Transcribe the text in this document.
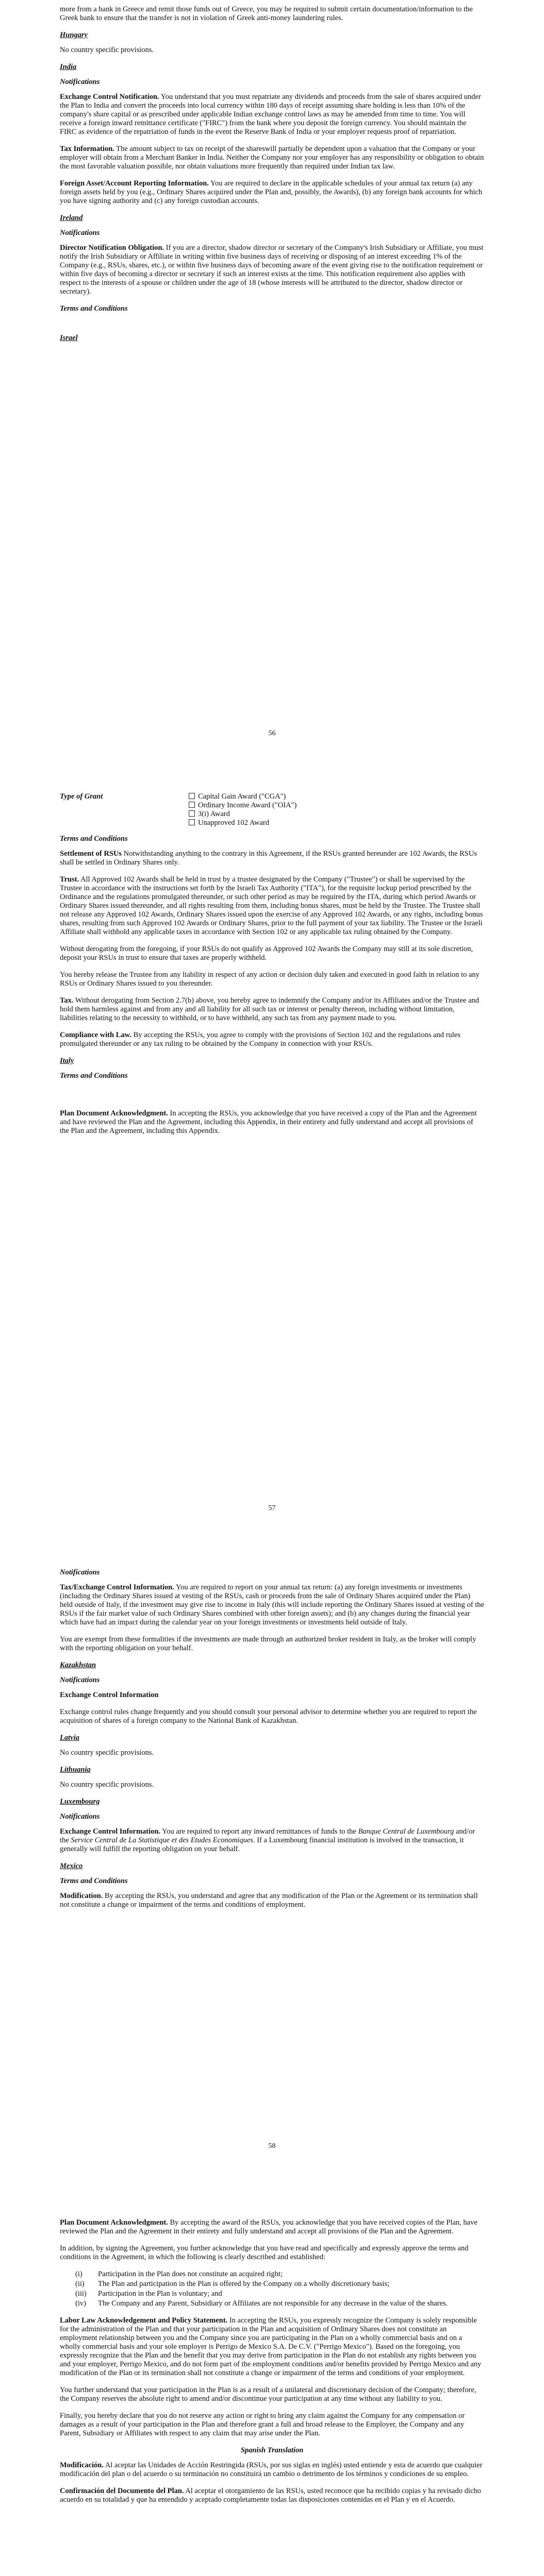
more from a bank in Greece and remit those funds out of Greece, you may be required to submit certain documentation/information to the Greek bank to ensure that the transfer is not in violation of Greek anti-money laundering rules.

Hungary

No country specific provisions.

India
Notifications

Exchange Control Notification. You understand that you must repatriate any dividends and proceeds from the sale of shares acquired under the Plan to India and convert the proceeds into local currency within 180 days of receipt assuming share holding is less than 10% of the company's share capital or as prescribed under applicable Indian exchange control laws as may be amended from time to time. You will receive a foreign inward remittance certificate ("FIRC") from the bank where you deposit the foreign currency. You should maintain the FIRC as evidence of the repatriation of funds in the event the Reserve Bank of India or your employer requests proof of repatriation.

Tax Information. The amount subject to tax on receipt of the shareswill partially be dependent upon a valuation that the Company or your employer will obtain from a Merchant Banker in India. Neither the Company nor your employer has any responsibility or obligation to obtain the most favorable valuation possible, nor obtain valuations more frequently than required under Indian tax law.

Foreign Asset/Account Reporting Information. You are required to declare in the applicable schedules of your annual tax return (a) any foreign assets held by you (e.g., Ordinary Shares acquired under the Plan and, possibly, the Awards), (b) any foreign bank accounts for which you have signing authority and (c) any foreign custodian accounts.

Ireland
Notifications

Director Notification Obligation. If you are a director, shadow director or secretary of the Company's Irish Subsidiary or Affiliate, you must notify the Irish Subsidiary or Affiliate in writing within five business days of receiving or disposing of an interest exceeding 1% of the Company (e.g., RSUs, shares, etc.), or within five business days of becoming aware of the event giving rise to the notification requirement or within five days of becoming a director or secretary if such an interest exists at the time. This notification requirement also applies with respect to the interests of a spouse or children under the age of 18 (whose interests will be attributed to the director, shadow director or secretary).

Terms and Conditions
Israel
56
Type of Grant	Capital Gain Award ("CGA")
Ordinary Income Award ("OIA")
3(i) Award
Unapproved 102 Award
Terms and Conditions

Settlement of RSUs Notwithstanding anything to the contrary in this Agreement, if the RSUs granted hereunder are 102 Awards, the RSUs shall be settled in Ordinary Shares only.

Trust. All Approved 102 Awards shall be held in trust by a trustee designated by the Company ("Trustee") or shall be supervised by the Trustee in accordance with the instructions set forth by the Israeli Tax Authority ("ITA"), for the requisite lockup period prescribed by the Ordinance and the regulations promulgated thereunder, or such other period as may be required by the ITA, during which period Awards or Ordinary Shares issued thereunder, and all rights resulting from them, including bonus shares, must be held by the Trustee. The Trustee shall not release any Approved 102 Awards, Ordinary Shares issued upon the exercise of any Approved 102 Awards, or any rights, including bonus shares, resulting from such Approved 102 Awards or Ordinary Shares, prior to the full payment of your tax liability. The Trustee or the Israeli Affiliate shall withhold any applicable taxes in accordance with Section 102 or any applicable tax ruling obtained by the Company.

Without derogating from the foregoing, if your RSUs do not qualify as Approved 102 Awards the Company may still at its sole discretion, deposit your RSUs in trust to ensure that taxes are properly withheld.

You hereby release the Trustee from any liability in respect of any action or decision duly taken and executed in good faith in relation to any RSUs or Ordinary Shares issued to you thereunder.

Tax. Without derogating from Section 2.7(b) above, you hereby agree to indemnify the Company and/or its Affiliates and/or the Trustee and hold them harmless against and from any and all liability for all such tax or interest or penalty thereon, including without limitation, liabilities relating to the necessity to withhold, or to have withheld, any such tax from any payment made to you.

Compliance with Law. By accepting the RSUs, you agree to comply with the provisions of Section 102 and the regulations and rules promulgated thereunder or any tax ruling to be obtained by the Company in connection with your RSUs.

Italy
Terms and Conditions

Plan Document Acknowledgment. In accepting the RSUs, you acknowledge that you have received a copy of the Plan and the Agreement and have reviewed the Plan and the Agreement, including this Appendix, in their entirety and fully understand and accept all provisions of the Plan and the Agreement, including this Appendix.

57
Notifications

Tax/Exchange Control Information. You are required to report on your annual tax return: (a) any foreign investments or investments (including the Ordinary Shares issued at vesting of the RSUs, cash or proceeds from the sale of Ordinary Shares acquired under the Plan) held outside of Italy, if the investment may give rise to income in Italy (this will include reporting the Ordinary Shares issued at vesting of the RSUs if the fair market value of such Ordinary Shares combined with other foreign assets); and (b) any changes during the financial year which have had an impact during the calendar year on your foreign investments or investments held outside of Italy.

You are exempt from these formalities if the investments are made through an authorized broker resident in Italy, as the broker will comply with the reporting obligation on your behalf.

Kazakhstan
Notifications

Exchange Control Information

Exchange control rules change frequently and you should consult your personal advisor to determine whether you are required to report the acquisition of shares of a foreign company to the National Bank of Kazakhstan.

Latvia

No country specific provisions.

Lithuania

No country specific provisions.

Luxembourg
Notifications

Exchange Control Information. You are required to report any inward remittances of funds to the Banque Central de Luxembourg and/or the Service Central de La Statistique et des Etudes Economiques. If a Luxembourg financial institution is involved in the transaction, it generally will fulfill the reporting obligation on your behalf.

Mexico
Terms and Conditions

Modification. By accepting the RSUs, you understand and agree that any modification of the Plan or the Agreement or its termination shall not constitute a change or impairment of the terms and conditions of employment.

58

Plan Document Acknowledgment. By accepting the award of the RSUs, you acknowledge that you have received copies of the Plan, have reviewed the Plan and the Agreement in their entirety and fully understand and accept all provisions of the Plan and the Agreement.

In addition, by signing the Agreement, you further acknowledge that you have read and specifically and expressly approve the terms and conditions in the Agreement, in which the following is clearly described and established:

(i)	Participation in the Plan does not constitute an acquired right;
(ii)	The Plan and participation in the Plan is offered by the Company on a wholly discretionary basis;
(iii)	Participation in the Plan is voluntary; and
(iv)	The Company and any Parent, Subsidiary or Affiliates are not responsible for any decrease in the value of the shares.

Labor Law Acknowledgement and Policy Statement. In accepting the RSUs, you expressly recognize the Company is solely responsible for the administration of the Plan and that your participation in the Plan and acquisition of Ordinary Shares does not constitute an employment relationship between you and the Company since you are participating in the Plan on a wholly commercial basis and on a wholly commercial basis and your sole employer is Perrigo de Mexico S.A. De C.V. ("Perrigo Mexico"). Based on the foregoing, you expressly recognize that the Plan and the benefit that you may derive from participation in the Plan do not establish any rights between you and your employer, Perrigo Mexico, and do not form part of the employment conditions and/or benefits provided by Perrigo Mexico and any modification of the Plan or its termination shall not constitute a change or impairment of the terms and conditions of your employment.

You further understand that your participation in the Plan is as a result of a unilateral and discretionary decision of the Company; therefore, the Company reserves the absolute right to amend and/or discontinue your participation at any time without any liability to you.

Finally, you hereby declare that you do not reserve any action or right to bring any claim against the Company for any compensation or damages as a result of your participation in the Plan and therefore grant a full and broad release to the Employer, the Company and any Parent, Subsidiary or Affiliates with respect to any claim that may arise under the Plan.

Spanish Translation

Modificación. Al aceptar las Unidades de Acción Restringida (RSUs, por sus siglas en inglés) usted entiende y esta de acuerdo que cualquier modificación del plan o del acuerdo o su terminación no constituirá un cambio o detrimento de los términos y condiciones de su empleo.

Confirmación del Documento del Plan. Al aceptar el otorgamiento de las RSUs, usted reconoce que ha recibido copias y ha revisado dicho acuerdo en su totalidad y que ha entendido y aceptado completamente todas las disposiciones contenidas en el Plan y en el Acuerdo.
